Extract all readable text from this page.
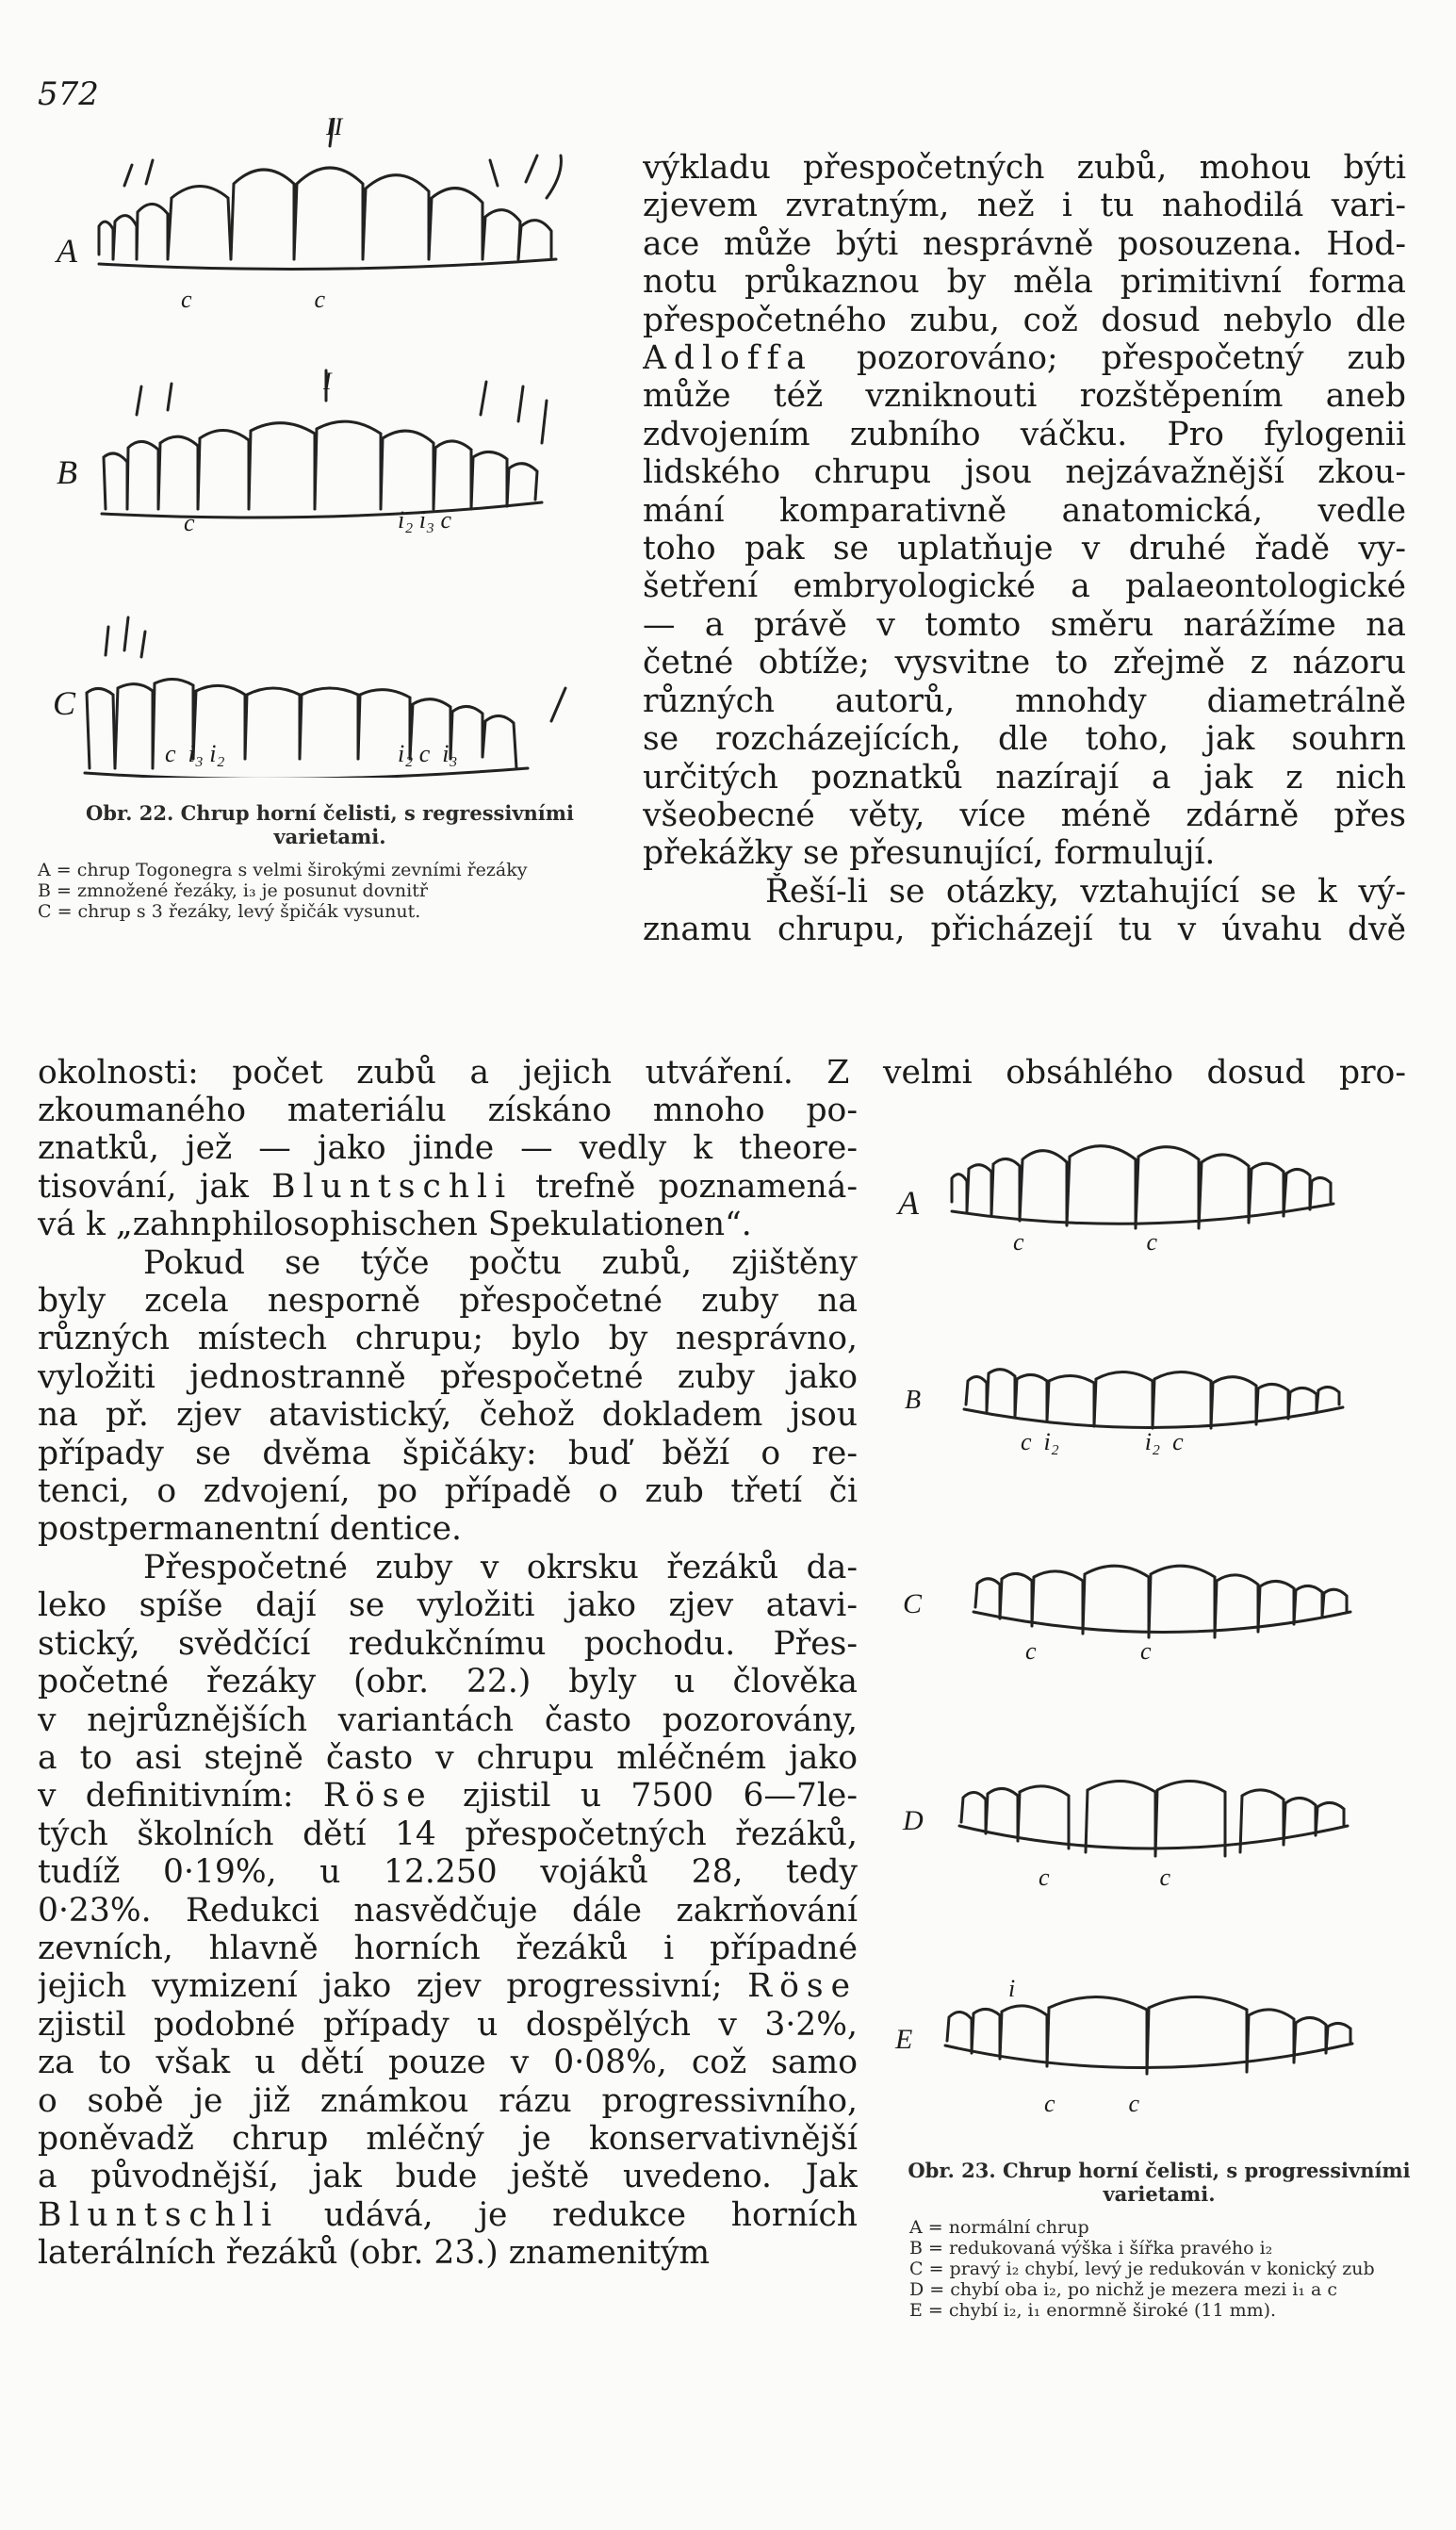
572
A
II
c                    c
B
I
c	i₂ i₃ c
C
c  i₃ i₂	i₂ c  i₃
Obr. 22. Chrup horní čelisti, s regressivními varietami.
A = chrup Togonegra s velmi širokými zevními řezáky
B = zmnožené řezáky, i₃ je posunut dovnitř
C = chrup s 3 řezáky, levý špičák vysunut.
výkladu přespočetných zubů, mohou býti
zjevem zvratným, než i tu nahodilá vari-
ace může býti nesprávně posouzena. Hod-
notu průkaznou by měla primitivní forma
přespočetného zubu, což dosud nebylo dle
Adloffa pozorováno; přespočetný zub
může též vzniknouti rozštěpením aneb
zdvojením zubního váčku. Pro fylogenii
lidského chrupu jsou nejzávažnější zkou-
mání komparativně anatomická, vedle
toho pak se uplatňuje v druhé řadě vy-
šetření embryologické a palaeontologické
— a právě v tomto směru narážíme na
četné obtíže; vysvitne to zřejmě z názoru
různých autorů, mnohdy diametrálně
se rozcházejících, dle toho, jak souhrn
určitých poznatků nazírají a jak z nich
všeobecné věty, více méně zdárně přes
překážky se přesunující, formulují.
Řeší-li se otázky, vztahující se k vý-
znamu chrupu, přicházejí tu v úvahu dvě
okolnosti: počet zubů a jejich utváření. Z velmi obsáhlého dosud pro-
zkoumaného materiálu získáno mnoho po-
znatků, jež — jako jinde — vedly k theore-
tisování, jak Bluntschli trefně poznamená-
vá k „zahnphilosophischen Spekulationen“.
Pokud se týče počtu zubů, zjištěny
byly zcela nesporně přespočetné zuby na
různých místech chrupu; bylo by nesprávno,
vyložiti jednostranně přespočetné zuby jako
na př. zjev atavistický, čehož dokladem jsou
případy se dvěma špičáky: buď běží o re-
tenci, o zdvojení, po případě o zub třetí či
postpermanentní dentice.
Přespočetné zuby v okrsku řezáků da-
leko spíše dají se vyložiti jako zjev atavi-
stický, svědčící redukčnímu pochodu. Přes-
početné řezáky (obr. 22.) byly u člověka
v nejrůznějších variantách často pozorovány,
a to asi stejně často v chrupu mléčném jako
v definitivním: Röse zjistil u 7500 6—7le-
tých školních dětí 14 přespočetných řezáků,
tudíž 0·19%, u 12.250 vojáků 28, tedy
0·23%. Redukci nasvědčuje dále zakrňování
zevních, hlavně horních řezáků i případné
jejich vymizení jako zjev progressivní; Röse
zjistil podobné případy u dospělých v 3·2%,
za to však u dětí pouze v 0·08%, což samo
o sobě je již známkou rázu progressivního,
poněvadž chrup mléčný je konservativnější
a původnější, jak bude ještě uvedeno. Jak
Bluntschli udává, je redukce horních
laterálních řezáků (obr. 23.) znamenitým
A
c                    c
B
c  i₂              i₂  c
C
c                 c
D
c                  c
E
i
c            c
Obr. 23. Chrup horní čelisti, s progressivními varietami.
A = normální chrup
B = redukovaná výška i šířka pravého i₂
C = pravý i₂ chybí, levý je redukován v konický zub
D = chybí oba i₂, po nichž je mezera mezi i₁ a c
E = chybí i₂, i₁ enormně široké (11 mm).
